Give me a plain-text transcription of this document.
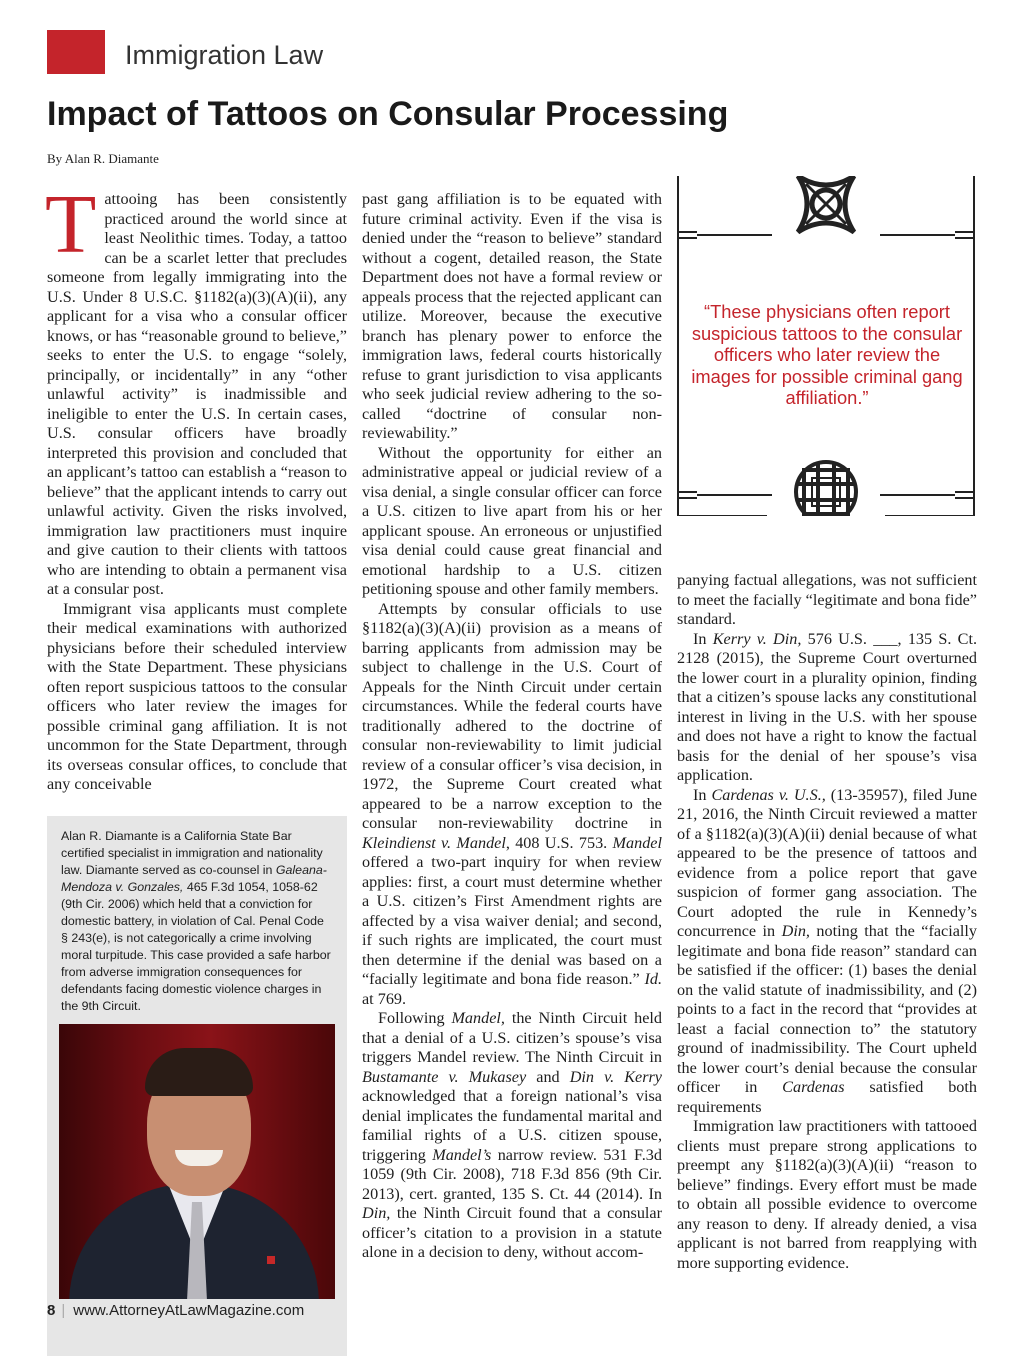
Immigration Law
Impact of Tattoos on Consular Processing
By Alan R. Diamante

Tattooing has been consistently practiced around the world since at least Neolithic times. Today, a tattoo can be a scarlet letter that precludes someone from legally immigrating into the U.S. Under 8 U.S.C. §1182(a)(3)(A)(ii), any applicant for a visa who a consular officer knows, or has “reasonable ground to believe,” seeks to enter the U.S. to engage “solely, principally, or incidentally” in any “other unlawful activity” is inadmissible and ineligible to enter the U.S. In certain cases, U.S. consular officers have broadly interpreted this provision and concluded that an applicant’s tattoo can establish a “reason to believe” that the applicant intends to carry out unlawful activity. Given the risks involved, immigration law practitioners must inquire and give caution to their clients with tattoos who are intending to obtain a permanent visa at a consular post.

Immigrant visa applicants must complete their medical examinations with authorized physicians before their scheduled interview with the State Department. These physicians often report suspicious tattoos to the consular officers who later review the images for possible criminal gang affiliation. It is not uncommon for the State Department, through its overseas consular offices, to conclude that any conceivable

Alan R. Diamante is a California State Bar certified specialist in immigration and nationality law. Diamante served as co-counsel in Galeana-Mendoza v. Gonzales, 465 F.3d 1054, 1058-62 (9th Cir. 2006) which held that a conviction for domestic battery, in violation of Cal. Penal Code § 243(e), is not categorically a crime involving moral turpitude. This case provided a safe harbor from adverse immigration consequences for defendants facing domestic violence charges in the 9th Circuit.

past gang affiliation is to be equated with future criminal activity. Even if the visa is denied under the “reason to believe” standard without a cogent, detailed reason, the State Department does not have a formal review or appeals process that the rejected applicant can utilize. Moreover, because the executive branch has plenary power to enforce the immigration laws, federal courts historically refuse to grant jurisdiction to visa applicants who seek judicial review adhering to the so-called “doctrine of consular non-reviewability.”

Without the opportunity for either an administrative appeal or judicial review of a visa denial, a single consular officer can force a U.S. citizen to live apart from his or her applicant spouse. An erroneous or unjustified visa denial could cause great financial and emotional hardship to a U.S. citizen petitioning spouse and other family members.

Attempts by consular officials to use §1182(a)(3)(A)(ii) provision as a means of barring applicants from admission may be subject to challenge in the U.S. Court of Appeals for the Ninth Circuit under certain circumstances. While the federal courts have traditionally adhered to the doctrine of consular non-reviewability to limit judicial review of a consular officer’s visa decision, in 1972, the Supreme Court created what appeared to be a narrow exception to the consular non-reviewability doctrine in Kleindienst v. Mandel, 408 U.S. 753. Mandel offered a two-part inquiry for when review applies: first, a court must determine whether a U.S. citizen’s First Amendment rights are affected by a visa waiver denial; and second, if such rights are implicated, the court must then determine if the denial was based on a “facially legitimate and bona fide reason.” Id. at 769.

Following Mandel, the Ninth Circuit held that a denial of a U.S. citizen’s spouse’s visa triggers Mandel review. The Ninth Circuit in Bustamante v. Mukasey and Din v. Kerry acknowledged that a foreign national’s visa denial implicates the fundamental marital and familial rights of a U.S. citizen spouse, triggering Mandel’s narrow review. 531 F.3d 1059 (9th Cir. 2008), 718 F.3d 856 (9th Cir. 2013), cert. granted, 135 S. Ct. 44 (2014). In Din, the Ninth Circuit found that a consular officer’s citation to a provision in a statute alone in a decision to deny, without accom-

“These physicians often report suspicious tattoos to the consular officers who later review the images for possible criminal gang affiliation.”

panying factual allegations, was not sufficient to meet the facially “legitimate and bona fide” standard.

In Kerry v. Din, 576 U.S. ___, 135 S. Ct. 2128 (2015), the Supreme Court overturned the lower court in a plurality opinion, finding that a citizen’s spouse lacks any constitutional interest in living in the U.S. with her spouse and does not have a right to know the factual basis for the denial of her spouse’s visa application.

In Cardenas v. U.S., (13-35957), filed June 21, 2016, the Ninth Circuit reviewed a matter of a §1182(a)(3)(A)(ii) denial because of what appeared to be the presence of tattoos and evidence from a police report that gave suspicion of former gang association. The Court adopted the rule in Kennedy’s concurrence in Din, noting that the “facially legitimate and bona fide reason” standard can be satisfied if the officer: (1) bases the denial on the valid statute of inadmissibility, and (2) points to a fact in the record that “provides at least a facial connection to” the statutory ground of inadmissibility. The Court upheld the lower court’s denial because the consular officer in Cardenas satisfied both requirements

Immigration law practitioners with tattooed clients must prepare strong applications to preempt any §1182(a)(3)(A)(ii) “reason to believe” findings. Every effort must be made to obtain all possible evidence to overcome any reason to deny. If already denied, a visa applicant is not barred from reapplying with more supporting evidence.

8 | www.AttorneyAtLawMagazine.com
